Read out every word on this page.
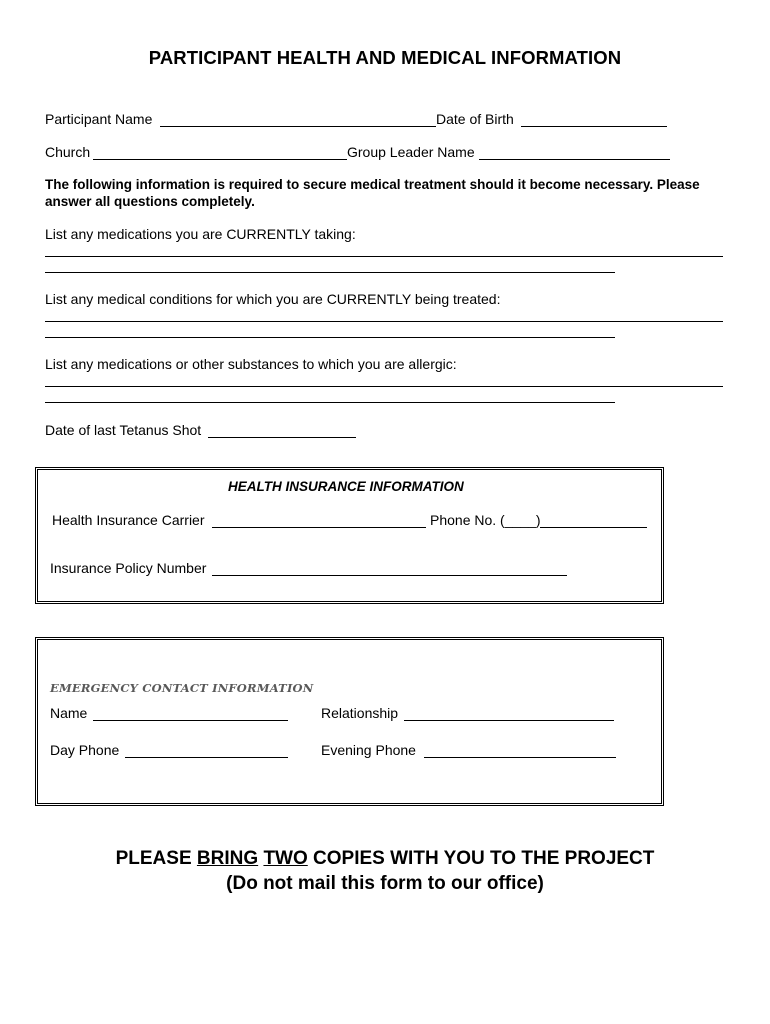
PARTICIPANT HEALTH AND MEDICAL INFORMATION
Participant Name	Date of Birth
Church	Group Leader Name
The following information is required to secure medical treatment should it become necessary. Please answer all questions completely.
List any medications you are CURRENTLY taking:
List any medical conditions for which you are CURRENTLY being treated:
List any medications or other substances to which you are allergic:
Date of last Tetanus Shot
HEALTH INSURANCE INFORMATION
Health Insurance Carrier	Phone No. (____)
Insurance Policy Number
EMERGENCY CONTACT INFORMATION
Name	Relationship
Day Phone	Evening Phone
PLEASE BRING TWO COPIES WITH YOU TO THE PROJECT
(Do not mail this form to our office)
